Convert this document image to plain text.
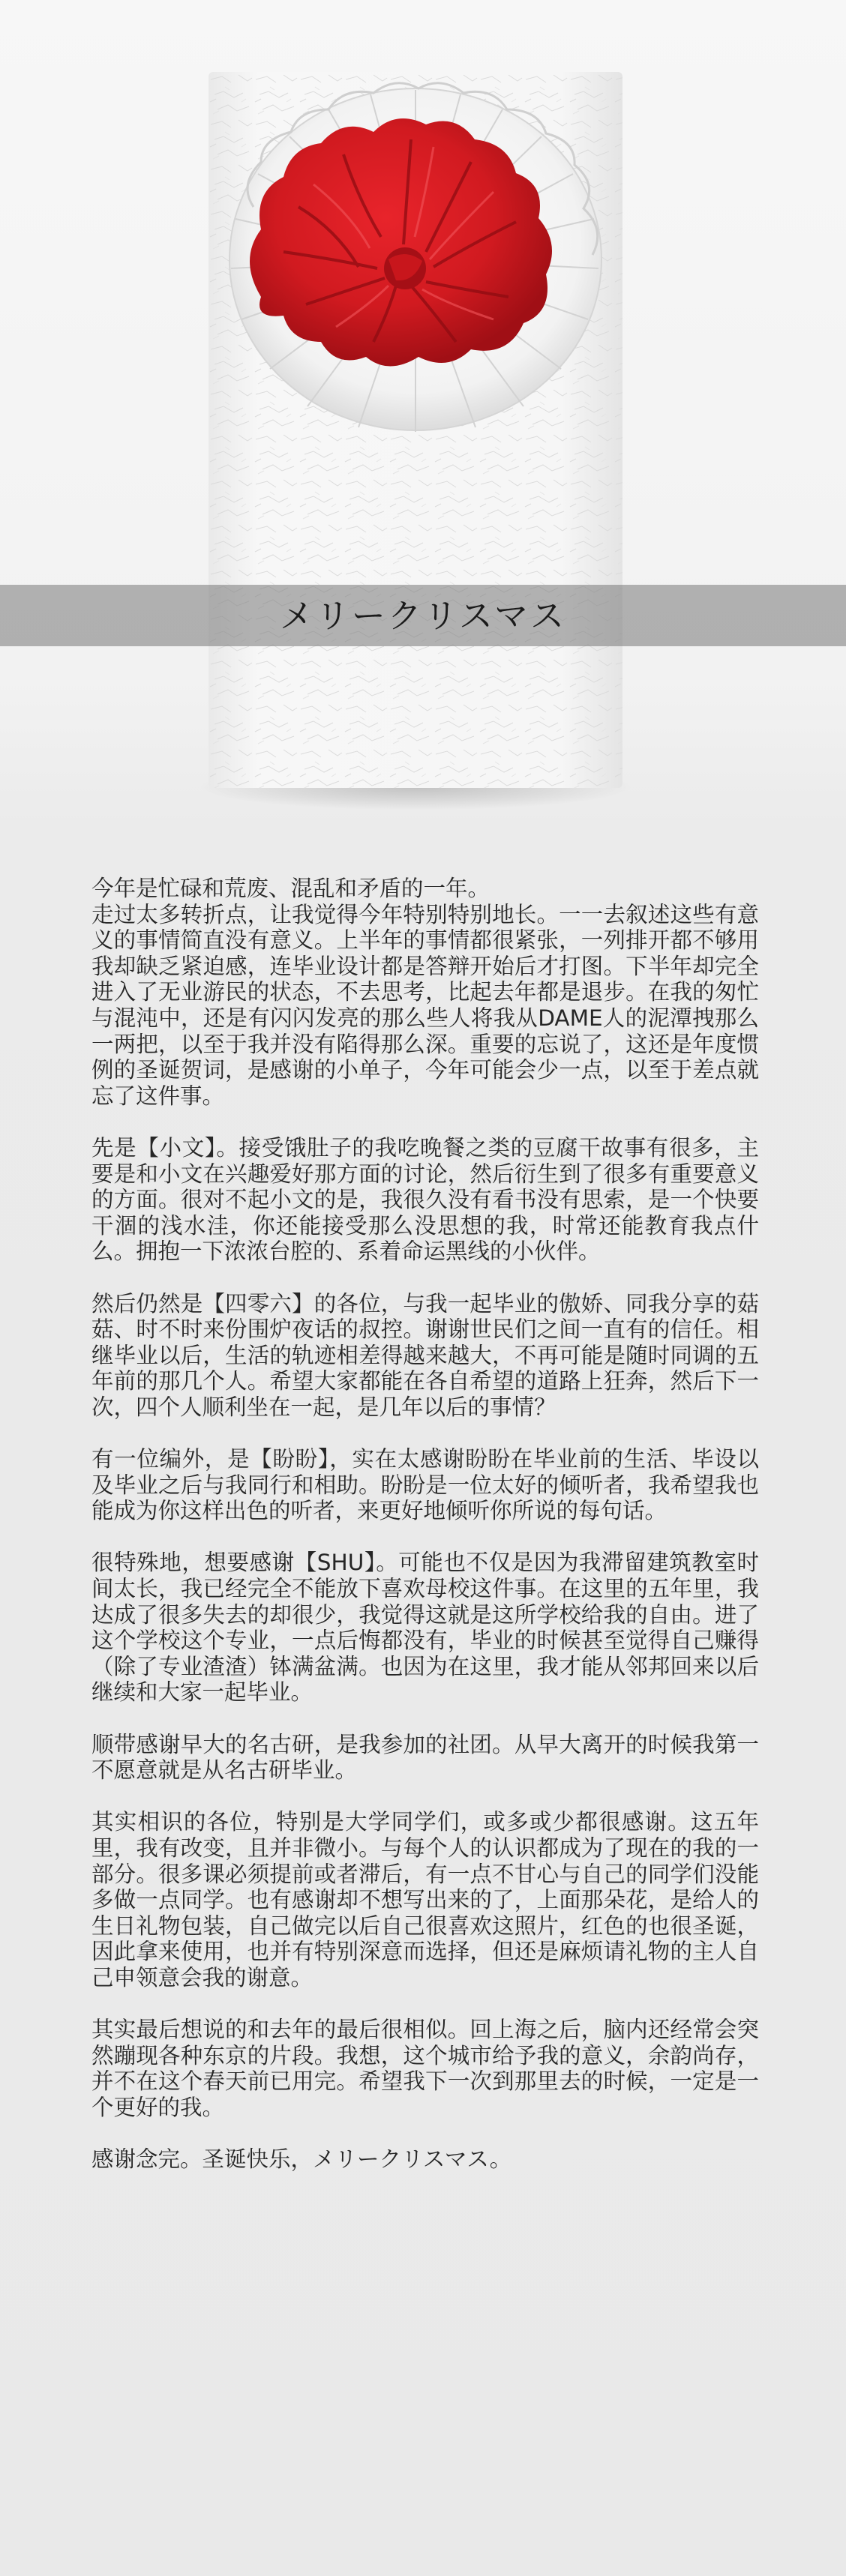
メリークリスマス

今年是忙碌和荒废、混乱和矛盾的一年。
走过太多转折点，让我觉得今年特别特别地长。一一去叙述这些有意义的事情简直没有意义。上半年的事情都很紧张，一列排开都不够用我却缺乏紧迫感，连毕业设计都是答辩开始后才打图。下半年却完全进入了无业游民的状态，不去思考，比起去年都是退步。在我的匆忙与混沌中，还是有闪闪发亮的那么些人将我从DAME人的泥潭拽那么一两把，以至于我并没有陷得那么深。重要的忘说了，这还是年度惯例的圣诞贺词，是感谢的小单子，今年可能会少一点，以至于差点就忘了这件事。

先是【小文】。接受饿肚子的我吃晚餐之类的豆腐干故事有很多，主要是和小文在兴趣爱好那方面的讨论，然后衍生到了很多有重要意义的方面。很对不起小文的是，我很久没有看书没有思索，是一个快要干涸的浅水洼，你还能接受那么没思想的我，时常还能教育我点什么。拥抱一下浓浓台腔的、系着命运黑线的小伙伴。

然后仍然是【四零六】的各位，与我一起毕业的傲娇、同我分享的菇菇、时不时来份围炉夜话的叔控。谢谢世民们之间一直有的信任。相继毕业以后，生活的轨迹相差得越来越大，不再可能是随时同调的五年前的那几个人。希望大家都能在各自希望的道路上狂奔，然后下一次，四个人顺利坐在一起，是几年以后的事情？

有一位编外，是【盼盼】，实在太感谢盼盼在毕业前的生活、毕设以及毕业之后与我同行和相助。盼盼是一位太好的倾听者，我希望我也能成为你这样出色的听者，来更好地倾听你所说的每句话。

很特殊地，想要感谢【SHU】。可能也不仅是因为我滞留建筑教室时间太长，我已经完全不能放下喜欢母校这件事。在这里的五年里，我达成了很多失去的却很少，我觉得这就是这所学校给我的自由。进了这个学校这个专业，一点后悔都没有，毕业的时候甚至觉得自己赚得（除了专业渣渣）钵满盆满。也因为在这里，我才能从邻邦回来以后继续和大家一起毕业。

顺带感谢早大的名古研，是我参加的社团。从早大离开的时候我第一不愿意就是从名古研毕业。

其实相识的各位，特别是大学同学们，或多或少都很感谢。这五年里，我有改变，且并非微小。与每个人的认识都成为了现在的我的一部分。很多课必须提前或者滞后，有一点不甘心与自己的同学们没能多做一点同学。也有感谢却不想写出来的了，上面那朵花，是给人的生日礼物包装，自己做完以后自己很喜欢这照片，红色的也很圣诞，因此拿来使用，也并有特别深意而选择，但还是麻烦请礼物的主人自己申领意会我的谢意。

其实最后想说的和去年的最后很相似。回上海之后，脑内还经常会突然蹦现各种东京的片段。我想，这个城市给予我的意义，余韵尚存，并不在这个春天前已用完。希望我下一次到那里去的时候，一定是一个更好的我。

感谢念完。圣诞快乐，メリークリスマス。
